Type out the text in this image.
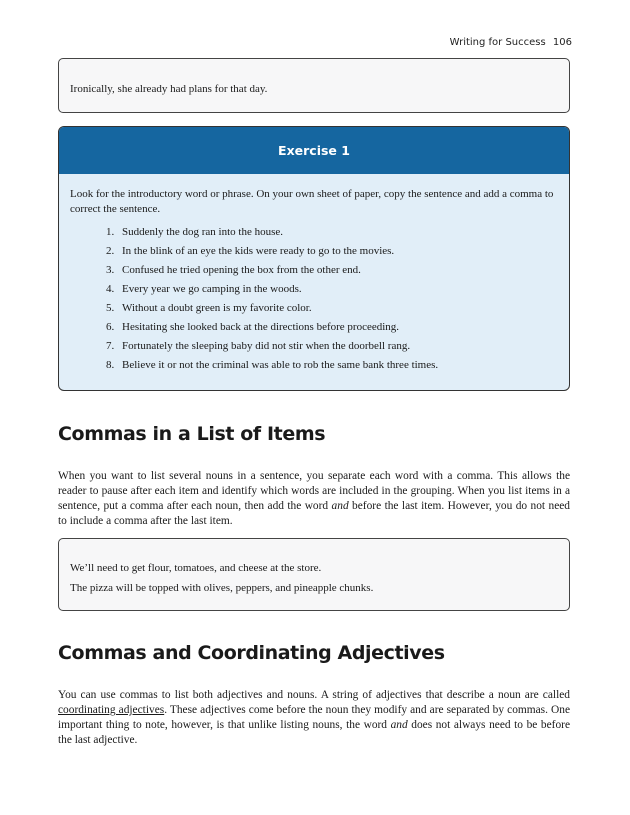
Writing for Success 106

Ironically, she already had plans for that day.

Exercise 1

Look for the introductory word or phrase. On your own sheet of paper, copy the sentence and add a comma to correct the sentence.

1. Suddenly the dog ran into the house.
2. In the blink of an eye the kids were ready to go to the movies.
3. Confused he tried opening the box from the other end.
4. Every year we go camping in the woods.
5. Without a doubt green is my favorite color.
6. Hesitating she looked back at the directions before proceeding.
7. Fortunately the sleeping baby did not stir when the doorbell rang.
8. Believe it or not the criminal was able to rob the same bank three times.
Commas in a List of Items

When you want to list several nouns in a sentence, you separate each word with a comma. This allows the reader to pause after each item and identify which words are included in the grouping. When you list items in a sentence, put a comma after each noun, then add the word and before the last item. However, you do not need to include a comma after the last item.

We’ll need to get flour, tomatoes, and cheese at the store.

The pizza will be topped with olives, peppers, and pineapple chunks.

Commas and Coordinating Adjectives

You can use commas to list both adjectives and nouns. A string of adjectives that describe a noun are called coordinating adjectives. These adjectives come before the noun they modify and are separated by commas. One important thing to note, however, is that unlike listing nouns, the word and does not always need to be before the last adjective.
